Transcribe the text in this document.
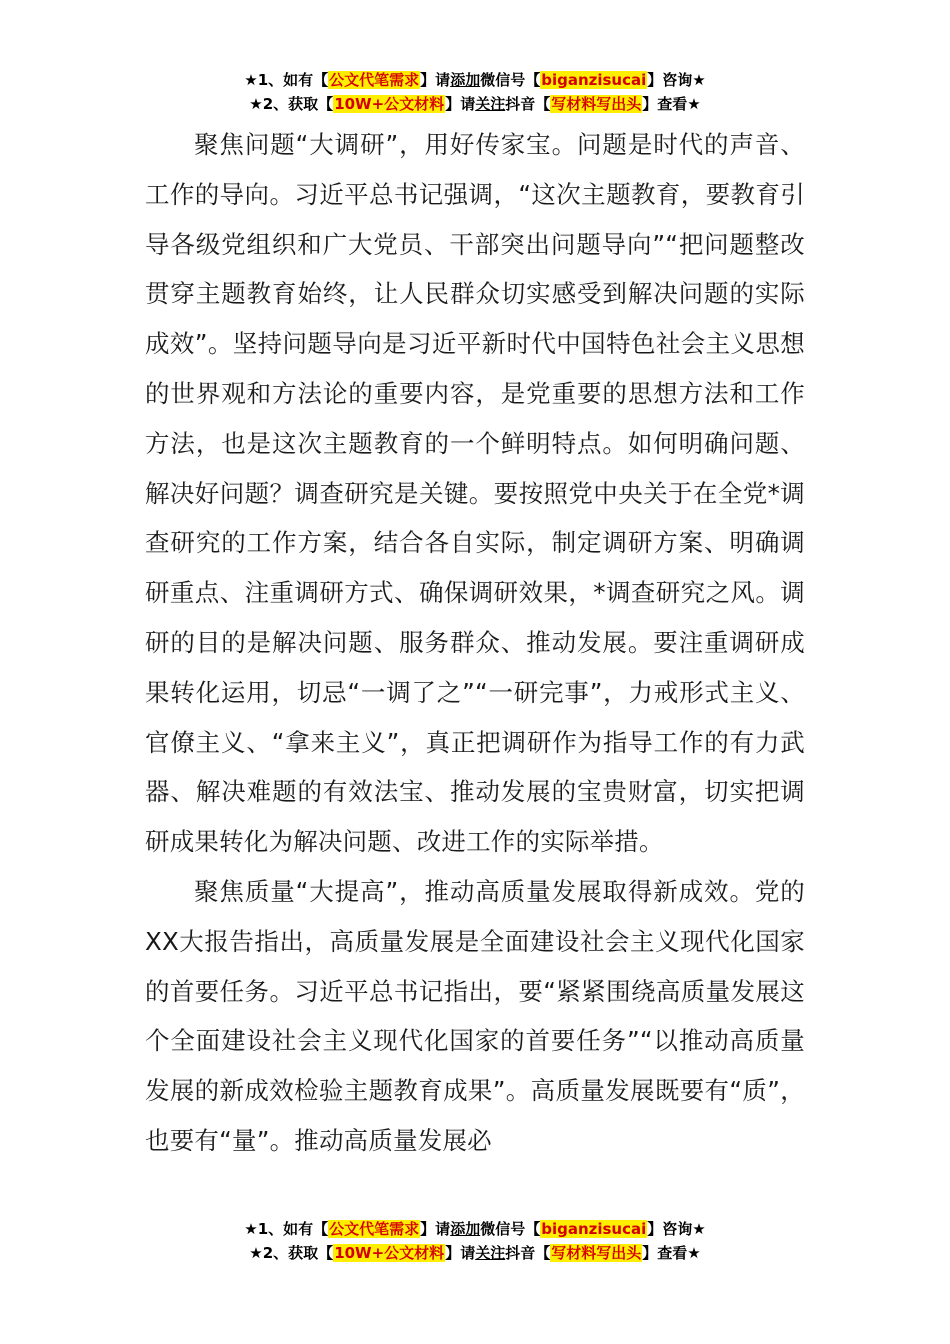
★1、如有【公文代笔需求】请添加微信号【biganzisucai】咨询★
★2、获取【10W+公文材料】请关注抖音【写材料写出头】查看★

聚焦问题“大调研”，用好传家宝。问题是时代的声音、工作的导向。习近平总书记强调，“这次主题教育，要教育引导各级党组织和广大党员、干部突出问题导向”“把问题整改贯穿主题教育始终，让人民群众切实感受到解决问题的实际成效”。坚持问题导向是习近平新时代中国特色社会主义思想的世界观和方法论的重要内容，是党重要的思想方法和工作方法，也是这次主题教育的一个鲜明特点。如何明确问题、解决好问题？调查研究是关键。要按照党中央关于在全党*调查研究的工作方案，结合各自实际，制定调研方案、明确调研重点、注重调研方式、确保调研效果，*调查研究之风。调研的目的是解决问题、服务群众、推动发展。要注重调研成果转化运用，切忌“一调了之”“一研完事”，力戒形式主义、官僚主义、“拿来主义”，真正把调研作为指导工作的有力武器、解决难题的有效法宝、推动发展的宝贵财富，切实把调研成果转化为解决问题、改进工作的实际举措。

聚焦质量“大提高”，推动高质量发展取得新成效。党的XX大报告指出，高质量发展是全面建设社会主义现代化国家的首要任务。习近平总书记指出，要“紧紧围绕高质量发展这个全面建设社会主义现代化国家的首要任务”“以推动高质量发展的新成效检验主题教育成果”。高质量发展既要有“质”，也要有“量”。推动高质量发展必

★1、如有【公文代笔需求】请添加微信号【biganzisucai】咨询★
★2、获取【10W+公文材料】请关注抖音【写材料写出头】查看★
